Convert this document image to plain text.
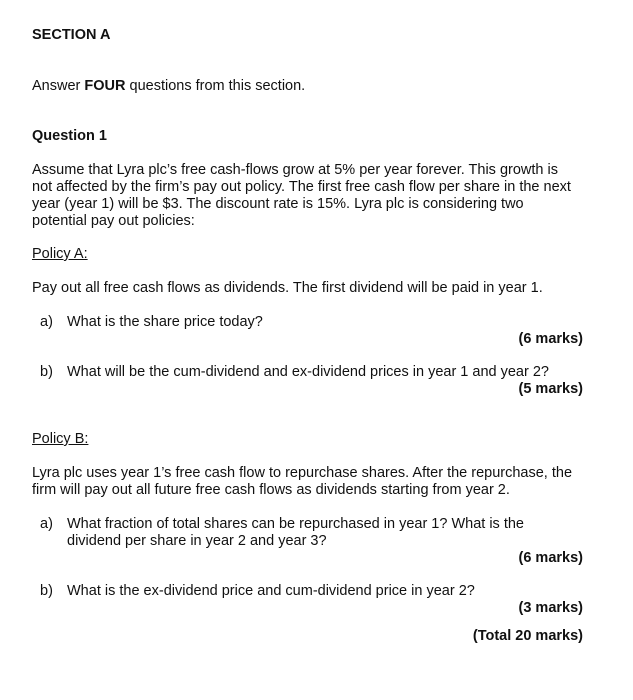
SECTION A
Answer FOUR questions from this section.
Question 1
Assume that Lyra plc’s free cash-flows grow at 5% per year forever. This growth is
not affected by the firm’s pay out policy. The first free cash flow per share in the next
year (year 1) will be $3. The discount rate is 15%. Lyra plc is considering two
potential pay out policies:
Policy A:
Pay out all free cash flows as dividends. The first dividend will be paid in year 1.
a) What is the share price today?
(6 marks)
b) What will be the cum-dividend and ex-dividend prices in year 1 and year 2?
(5 marks)
Policy B:
Lyra plc uses year 1’s free cash flow to repurchase shares. After the repurchase, the
firm will pay out all future free cash flows as dividends starting from year 2.
a) What fraction of total shares can be repurchased in year 1? What is the
dividend per share in year 2 and year 3?
(6 marks)
b) What is the ex-dividend price and cum-dividend price in year 2?
(3 marks)
(Total 20 marks)
